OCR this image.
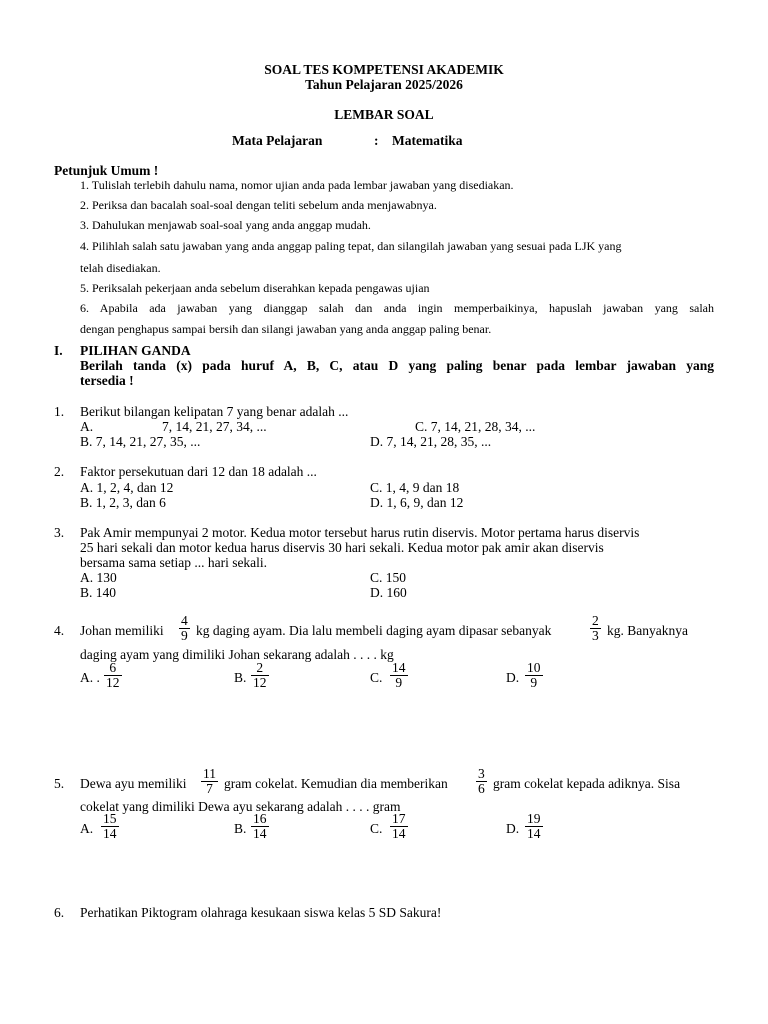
SOAL TES KOMPETENSI AKADEMIK
Tahun Pelajaran 2025/2026
LEMBAR SOAL
Mata Pelajaran	: Matematika
Petunjuk Umum !
1. Tulislah terlebih dahulu nama, nomor ujian anda pada lembar jawaban yang disediakan.
2. Periksa dan bacalah soal-soal dengan teliti sebelum anda menjawabnya.
3. Dahulukan menjawab soal-soal yang anda anggap mudah.
4. Pilihlah salah satu jawaban yang anda anggap paling tepat, dan silangilah jawaban yang sesuai pada LJK yang
telah disediakan.
5. Periksalah pekerjaan anda sebelum diserahkan kepada pengawas ujian
6. Apabila ada jawaban yang dianggap salah dan anda ingin memperbaikinya, hapuslah jawaban yang salah
dengan penghapus sampai bersih dan silangi jawaban yang anda anggap paling benar.
I. PILIHAN GANDA
Berilah tanda (x) pada huruf A, B, C, atau D yang paling benar pada lembar jawaban yang
tersedia !
1. Berikut bilangan kelipatan 7 yang benar adalah ...
A.	7, 14, 21, 27, 34, ...	C. 7, 14, 21, 28, 34, ...
B. 7, 14, 21, 27, 35, ...	D. 7, 14, 21, 28, 35, ...
2. Faktor persekutuan dari 12 dan 18 adalah ...
A. 1, 2, 4, dan 12	C. 1, 4, 9 dan 18
B. 1, 2, 3, dan 6	D. 1, 6, 9, dan 12
3. Pak Amir mempunyai 2 motor. Kedua motor tersebut harus rutin diservis. Motor pertama harus diservis
25 hari sekali dan motor kedua harus diservis 30 hari sekali. Kedua motor pak amir akan diservis
bersama sama setiap ... hari sekali.
A. 130	C. 150
B. 140	D. 160
4. Johan memiliki
4
9 kg daging ayam. Dia lalu membeli daging ayam dipasar sebanyak
2
3 kg. Banyaknya
daging ayam yang dimiliki Johan sekarang adalah . . . . kg
A. .
6
12	B.
2
12	C.
14
9	D.
10
9
5. Dewa ayu memiliki
11
7 gram cokelat. Kemudian dia memberikan
3
6 gram cokelat kepada adiknya. Sisa
cokelat yang dimiliki Dewa ayu sekarang adalah . . . . gram
A.
15
14	B.
16
14	C.
17
14	D.
19
14
6. Perhatikan Piktogram olahraga kesukaan siswa kelas 5 SD Sakura!
